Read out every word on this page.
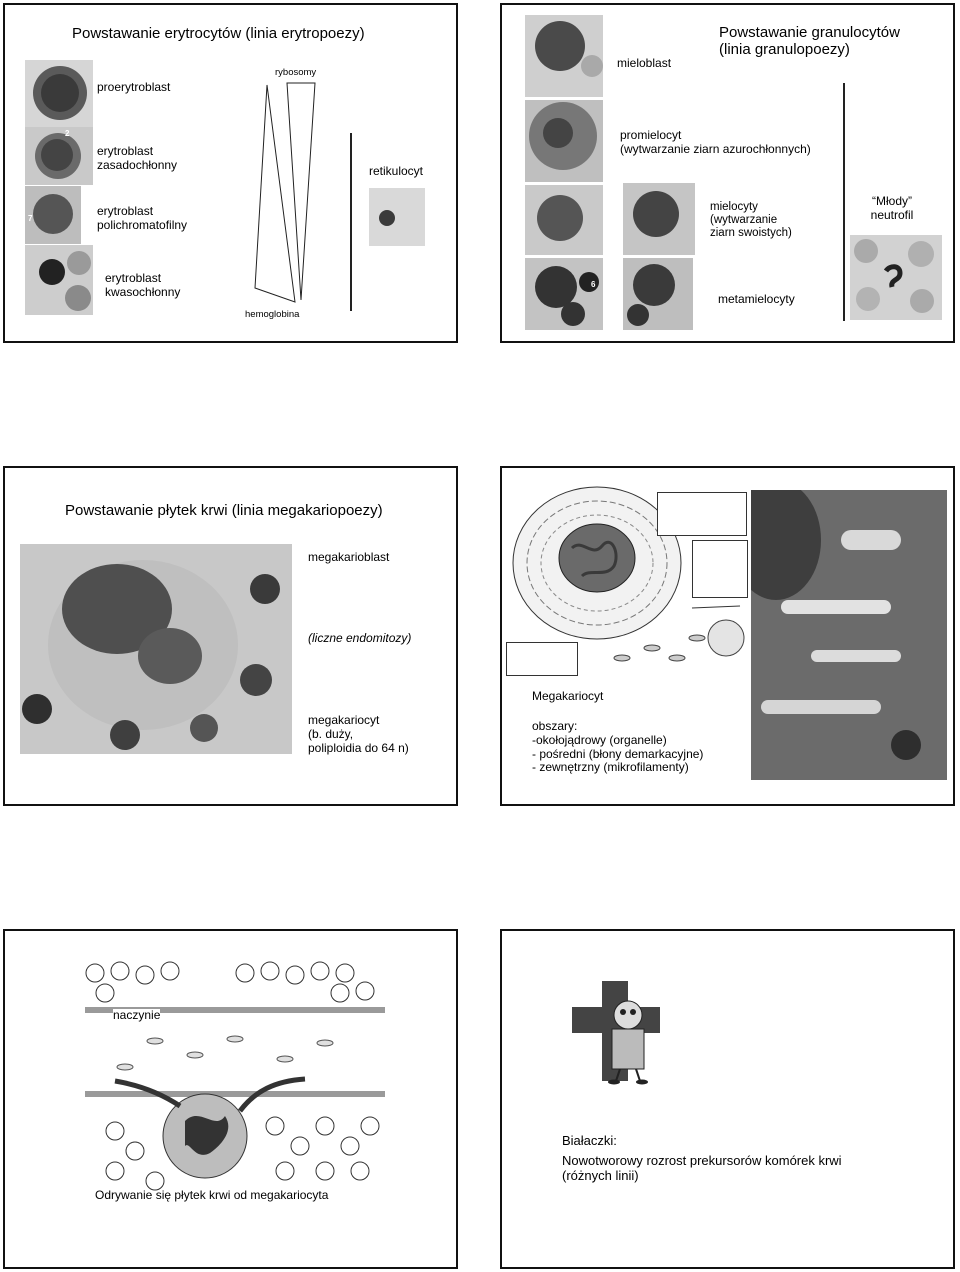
Powstawanie erytrocytów (linia erytropoezy)
2
7
proerytroblast
erytroblast
zasadochłonny
erytroblast
polichromatofilny
erytroblast
kwasochłonny
rybosomy
hemoglobina
retikulocyt
6
mieloblast
Powstawanie granulocytów
(linia granulopoezy)
promielocyt
(wytwarzanie ziarn azurochłonnych)
mielocyty
(wytwarzanie
ziarn swoistych)
metamielocyty
“Młody”
neutrofil
Powstawanie płytek krwi (linia megakariopoezy)
megakarioblast
(liczne endomitozy)
megakariocyt
(b. duży,
poliploidia do 64 n)
Megakariocyt
obszary:
-okołojądrowy (organelle)
- pośredni (błony demarkacyjne)
- zewnętrzny (mikrofilamenty)
naczynie
Odrywanie się płytek krwi od megakariocyta
Białaczki:
Nowotworowy rozrost prekursorów komórek krwi
(różnych linii)
